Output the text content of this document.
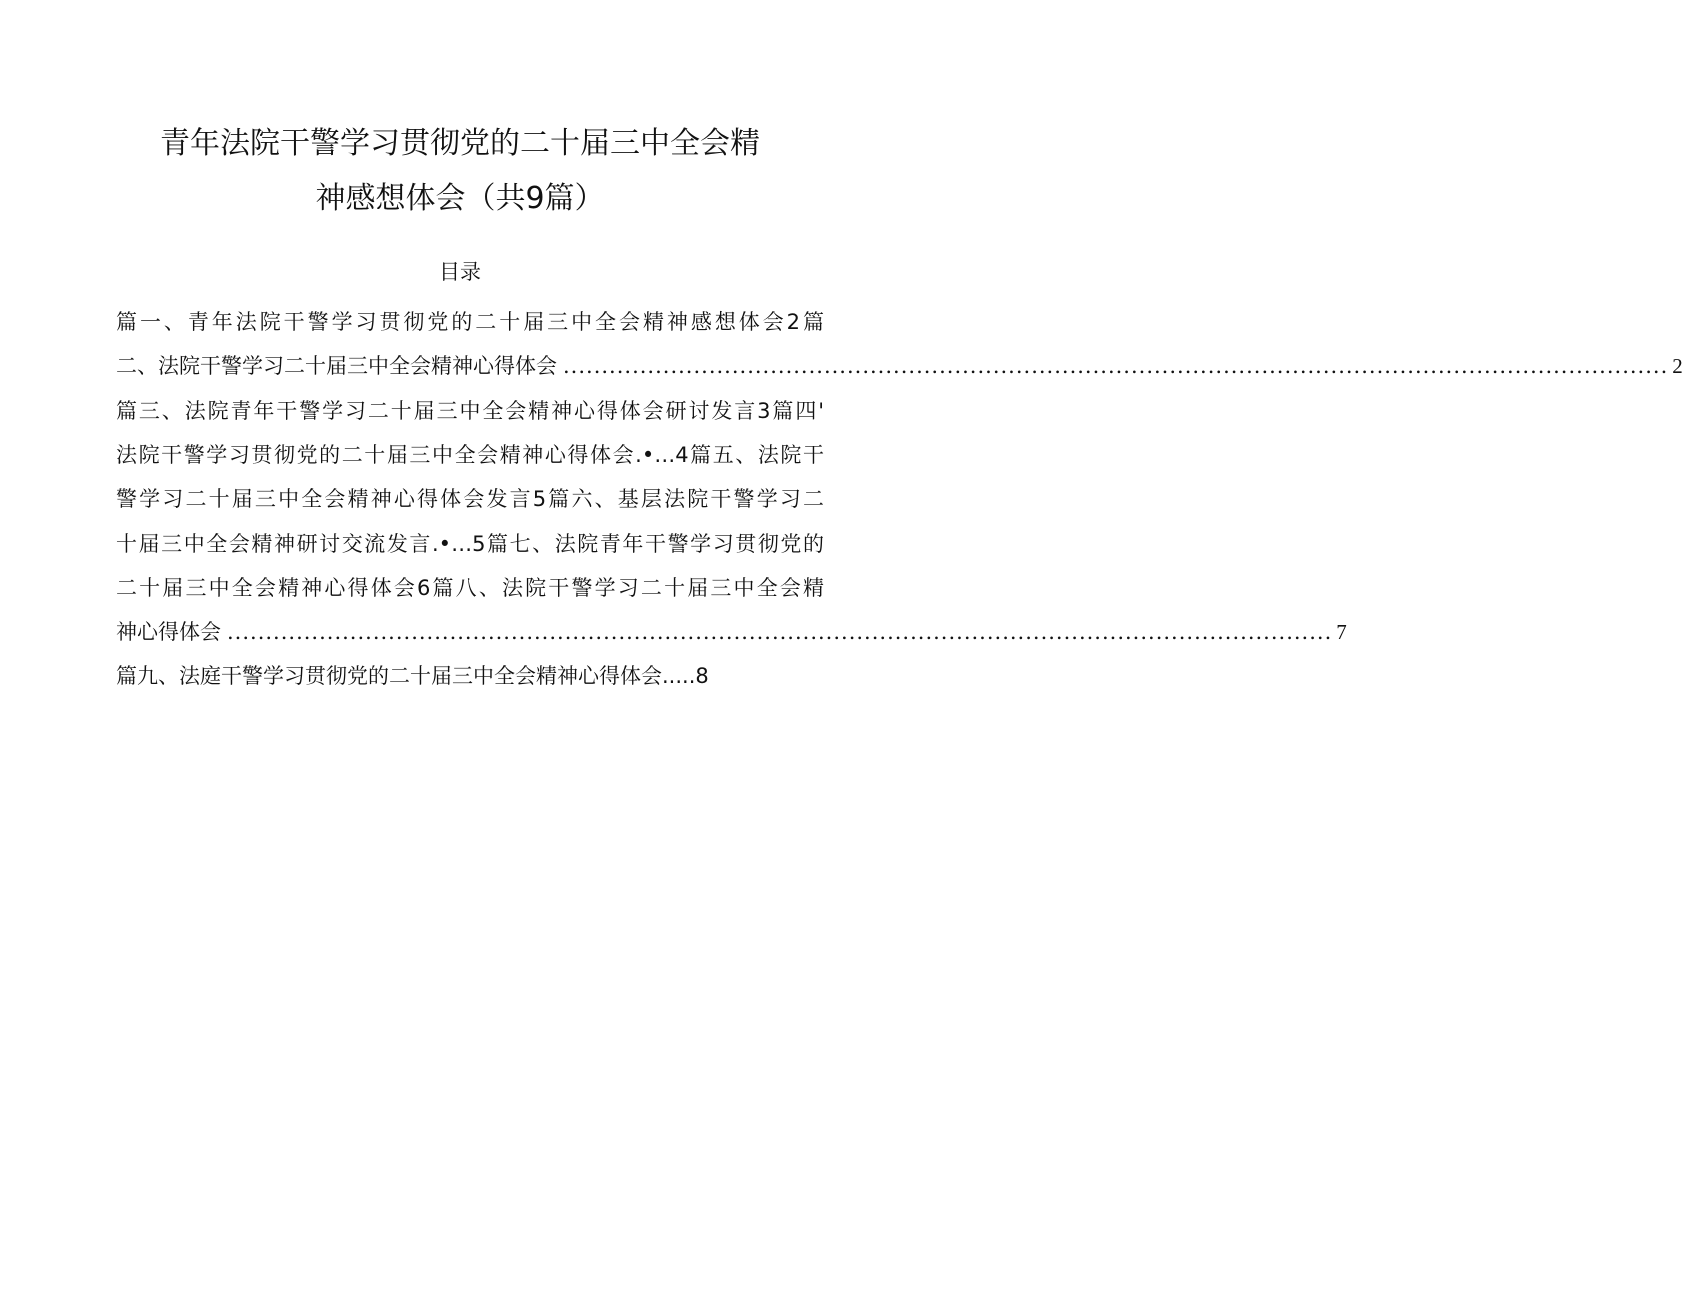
青年法院干警学习贯彻党的二十届三中全会精
神感想体会（共9篇）
目录
篇一、青年法院干警学习贯彻党的二十届三中全会精神感想体会2篇
二、法院干警学习二十届三中全会精神心得体会 ................................................................................................................................................ 2
篇三、法院青年干警学习二十届三中全会精神心得体会研讨发言3篇四'
法院干警学习贯彻党的二十届三中全会精神心得体会.•…4篇五、法院干
警学习二十届三中全会精神心得体会发言5篇六、基层法院干警学习二
十届三中全会精神研讨交流发言.•…5篇七、法院青年干警学习贯彻党的
二十届三中全会精神心得体会6篇八、法院干警学习二十届三中全会精
神心得体会 ................................................................................................................................................ 7
篇九、法庭干警学习贯彻党的二十届三中全会精神心得体会.....8
